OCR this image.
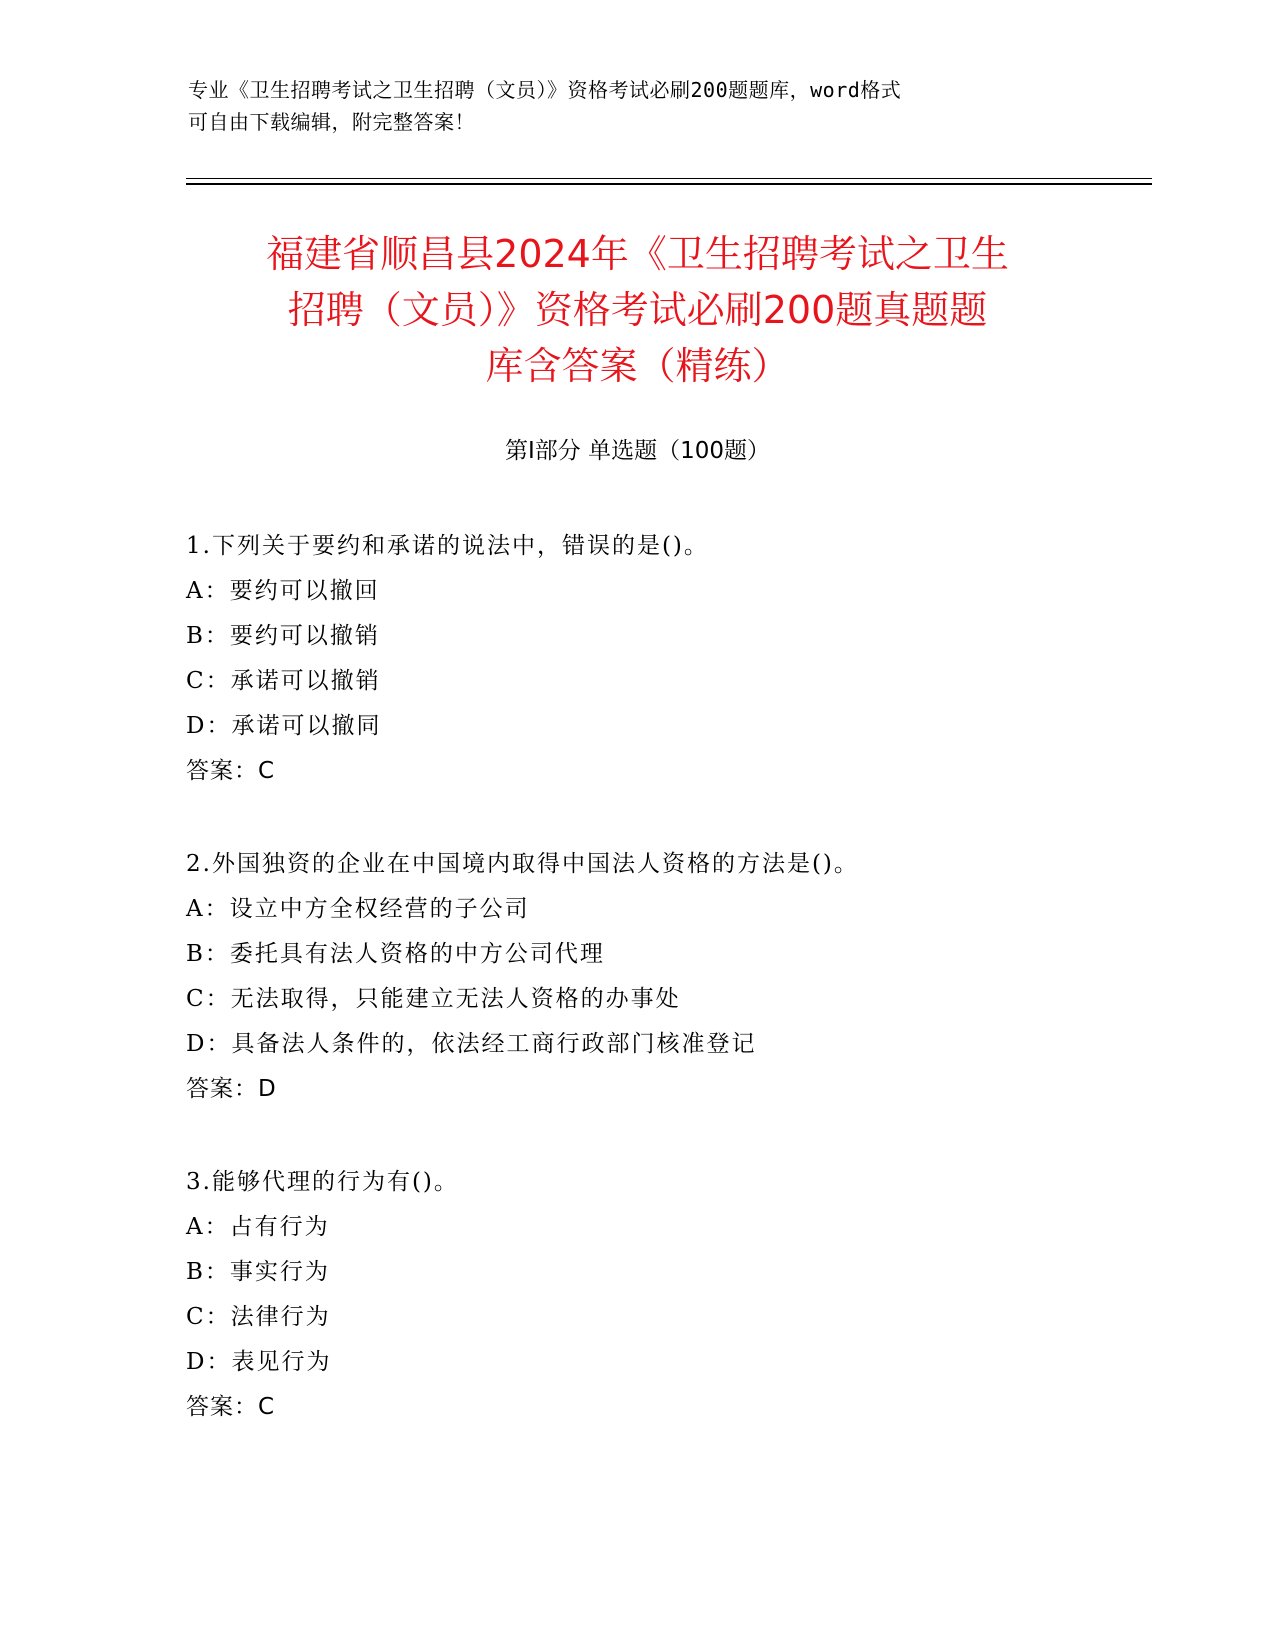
专业《卫生招聘考试之卫生招聘（文员）》资格考试必刷200题题库，word格式
可自由下载编辑，附完整答案！
福建省顺昌县2024年《卫生招聘考试之卫生
招聘（文员）》资格考试必刷200题真题题
库含答案（精练）
第I部分 单选题（100题）
1.下列关于要约和承诺的说法中，错误的是()。
A：要约可以撤回
B：要约可以撤销
C：承诺可以撤销
D：承诺可以撤同
答案：C
2.外国独资的企业在中国境内取得中国法人资格的方法是()。
A：设立中方全权经营的子公司
B：委托具有法人资格的中方公司代理
C：无法取得，只能建立无法人资格的办事处
D：具备法人条件的，依法经工商行政部门核准登记
答案：D
3.能够代理的行为有()。
A：占有行为
B：事实行为
C：法律行为
D：表见行为
答案：C
